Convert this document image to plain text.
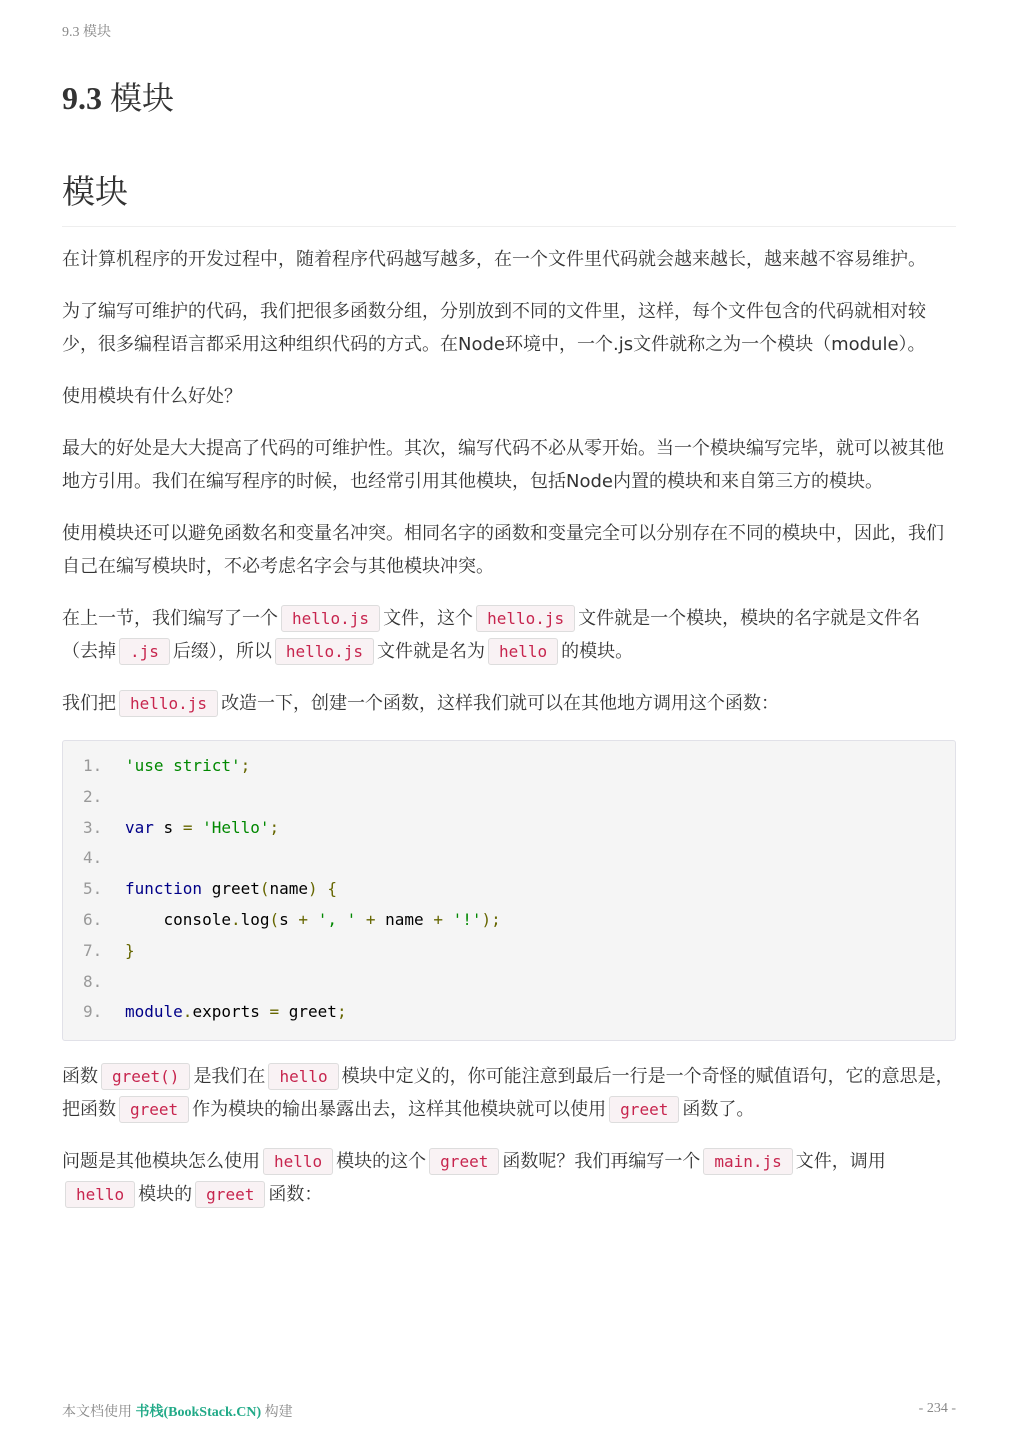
9.3 模块
9.3 模块
模块

在计算机程序的开发过程中，随着程序代码越写越多，在一个文件里代码就会越来越长，越来越不容易维护。

为了编写可维护的代码，我们把很多函数分组，分别放到不同的文件里，这样，每个文件包含的代码就相对较少，很多编程语言都采用这种组织代码的方式。在Node环境中，一个.js文件就称之为一个模块（module）。

使用模块有什么好处？

最大的好处是大大提高了代码的可维护性。其次，编写代码不必从零开始。当一个模块编写完毕，就可以被其他地方引用。我们在编写程序的时候，也经常引用其他模块，包括Node内置的模块和来自第三方的模块。

使用模块还可以避免函数名和变量名冲突。相同名字的函数和变量完全可以分别存在不同的模块中，因此，我们自己在编写模块时，不必考虑名字会与其他模块冲突。

在上一节，我们编写了一个 hello.js 文件，这个 hello.js 文件就是一个模块，模块的名字就是文件名（去掉 .js 后缀），所以 hello.js 文件就是名为 hello 的模块。

我们把 hello.js 改造一下，创建一个函数，这样我们就可以在其他地方调用这个函数：

1.	'use strict';
2.
3.	var s = 'Hello';
4.
5.	function greet(name) {
6.	console.log(s + ', ' + name + '!');
7.	}
8.
9.	module.exports = greet;

函数 greet() 是我们在 hello 模块中定义的，你可能注意到最后一行是一个奇怪的赋值语句，它的意思是，把函数 greet 作为模块的输出暴露出去，这样其他模块就可以使用 greet 函数了。

问题是其他模块怎么使用 hello 模块的这个 greet 函数呢？我们再编写一个 main.js 文件，调用hello 模块的 greet 函数：

本文档使用 书栈(BookStack.CN) 构建	- 234 -
